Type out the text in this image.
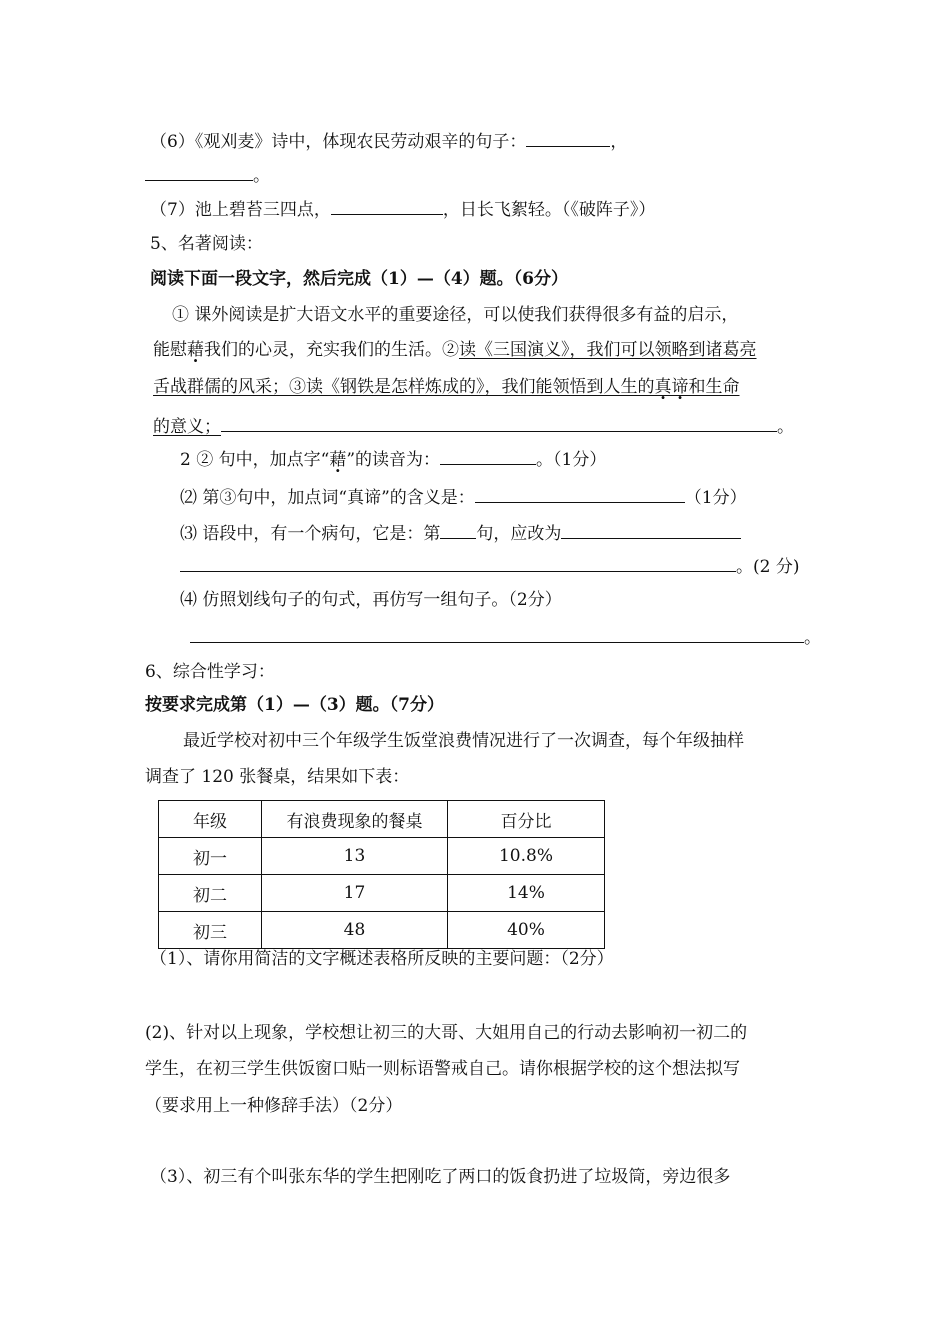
（6）《观刈麦》诗中，体现农民劳动艰辛的句子：	，
。
（7）池上碧苔三四点，	，日长飞絮轻。（《破阵子》）
5、名著阅读：
阅读下面一段文字，然后完成（1）—（4）题。（6分）
① 课外阅读是扩大语文水平的重要途径，可以使我们获得很多有益的启示，
能慰藉我们的心灵，充实我们的生活。②读《三国演义》，我们可以领略到诸葛亮
舌战群儒的风采；③读《钢铁是怎样炼成的》，我们能领悟到人生的真谛和生命
的意义；	。
2 ② 句中，加点字“藉”的读音为：	。（1分）
⑵ 第③句中，加点词“真谛”的含义是：	（1分）
⑶ 语段中，有一个病句，它是：第 句，应改为
。(2 分)
⑷ 仿照划线句子的句式，再仿写一组句子。（2分）
。
6、综合性学习：
按要求完成第（1）—（3）题。（7分）
最近学校对初中三个年级学生饭堂浪费情况进行了一次调查，每个年级抽样
调查了 120 张餐桌，结果如下表：
年级	有浪费现象的餐桌	百分比
初一	13	10.8%
初二	17	14%
初三	48	40%
（1）、请你用简洁的文字概述表格所反映的主要问题：（2分）
(2)、针对以上现象，学校想让初三的大哥、大姐用自己的行动去影响初一初二的
学生，在初三学生供饭窗口贴一则标语警戒自己。请你根据学校的这个想法拟写
（要求用上一种修辞手法）（2分）
（3）、初三有个叫张东华的学生把刚吃了两口的饭食扔进了垃圾筒，旁边很多
